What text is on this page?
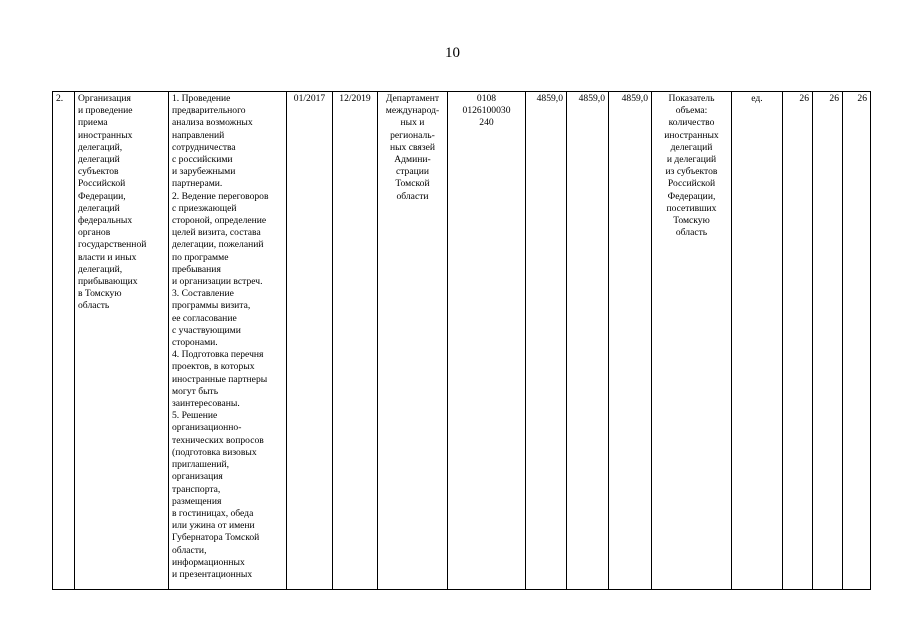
10
2.	Организация
и проведение
приема
иностранных
делегаций,
делегаций
субъектов
Российской
Федерации,
делегаций
федеральных
органов
государственной
власти и иных
делегаций,
прибывающих
в Томскую
область	1. Проведение
предварительного
анализа возможных
направлений
сотрудничества
с российскими
и зарубежными
партнерами.
2. Ведение переговоров
с приезжающей
стороной, определение
целей визита, состава
делегации, пожеланий
по программе
пребывания
и организации встреч.
3. Составление
программы визита,
ее согласование
с участвующими
сторонами.
4. Подготовка перечня
проектов, в которых
иностранные партнеры
могут быть
заинтересованы.
5. Решение
организационно-
технических вопросов
(подготовка визовых
приглашений,
организация
транспорта,
размещения
в гостиницах, обеда
или ужина от имени
Губернатора Томской
области,
информационных
и презентационных	01/2017	12/2019	Департамент
международ-
ных и
региональ-
ных связей
Админи-
страции
Томской
области	0108
0126100030
240	4859,0	4859,0	4859,0	Показатель
объема:
количество
иностранных
делегаций
и делегаций
из субъектов
Российской
Федерации,
посетивших
Томскую
область	ед.	26	26	26
